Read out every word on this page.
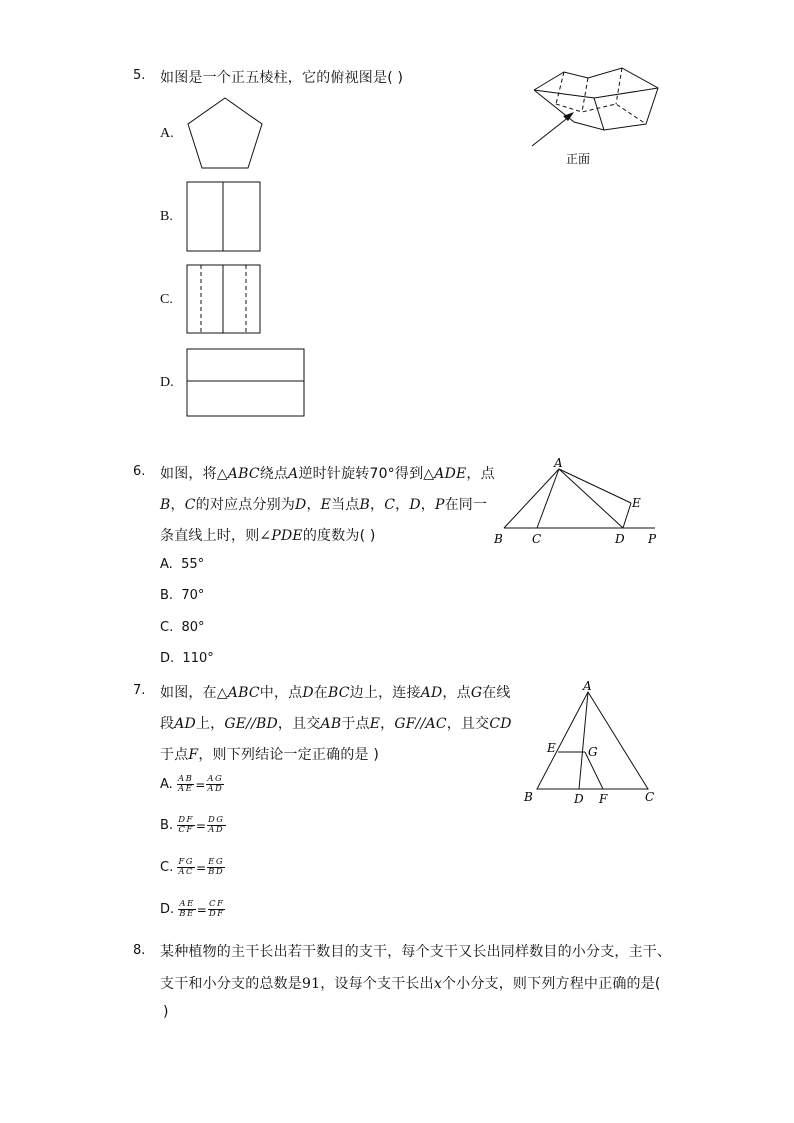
5. 如图是一个正五棱柱，它的俯视图是( )
正面
A.
B.
C.
D.
6. 如图，将△ABC绕点A逆时针旋转70°得到△ADE，点
B，C的对应点分别为D，E当点B，C，D，P在同一
条直线上时，则∠PDE的度数为( )
A. 55°
B. 70°
C. 80°
D. 110°
A
B C	D
E
P
7. 如图，在△ABC中，点D在BC边上，连接AD，点G在线
段AD上，GE//BD，且交AB于点E，GF//AC，且交CD
于点F，则下列结论一定正确的是 )
A. $\frac{AB}{AE} = \frac{AG}{AD}$
B. $\frac{DF}{CF} = \frac{DG}{AD}$
C. $\frac{FG}{AC} = \frac{EG}{BD}$
D. $\frac{AE}{BE} = \frac{CF}{DF}$
A
B	C
D
E
F
G
8. 某种植物的主干长出若干数目的支干，每个支干又长出同样数目的小分支，主干、
支干和小分支的总数是91，设每个支干长出x个小分支，则下列方程中正确的是(
)
